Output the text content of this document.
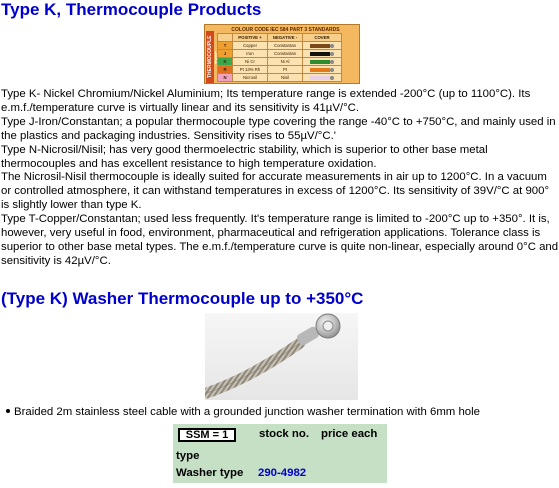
Type K, Thermocouple Products
COLOUR CODE IEC 584 PART 3 STANDARDS
THERMOCOUPLE
		POSITIVE +	NEGATIVE -	COVER
T	Copper	Constantan	
J	Iron	Constantan	
K	Ni Cr	Ni Al	
R	Pt 13% Rh	Pt	
N	Nicrosil	Nisil	

Type K- Nickel Chromium/Nickel Aluminium; Its temperature range is extended -200°C (up to 1100°C). Its e.m.f./temperature curve is virtually linear and its sensitivity is 41µV/°C.

Type J-Iron/Constantan; a popular thermocouple type covering the range -40°C to +750°C, and mainly used in the plastics and packaging industries. Sensitivity rises to 55µV/°C.'

Type N-Nicrosil/Nisil; has very good thermoelectric stability, which is superior to other base metal thermocouples and has excellent resistance to high temperature oxidation.

The Nicrosil-Nisil thermocouple is ideally suited for accurate measurements in air up to 1200°C. In a vacuum or controlled atmosphere, it can withstand temperatures in excess of 1200°C. Its sensitivity of 39V/°C at 900° is slightly lower than type K.

Type T-Copper/Constantan; used less frequently. It's temperature range is limited to -200°C up to +350°. It is, however, very useful in food, environment, pharmaceutical and refrigeration applications. Tolerance class is superior to other base metal types. The e.m.f./temperature curve is quite non-linear, especially around 0°C and sensitivity is 42µV/°C.

(Type K) Washer Thermocouple up to +350°C
Braided 2m stainless steel cable with a grounded junction washer termination with 6mm hole
SSM = 1	stock no. price each
type
Washer type 290-4982
